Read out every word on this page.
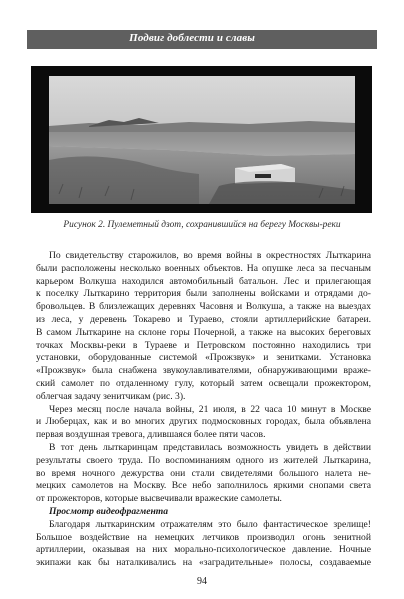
Подвиг доблести и славы
Рисунок 2. Пулеметный дзот, сохранившийся на берегу Москвы-реки
По свидетельству старожилов, во время войны в окрестностях Лыткарина
были расположены несколько военных объектов. На опушке леса за песчаным
карьером Волкуша находился автомобильный батальон. Лес и прилегающая
к поселку Лыткарино территория были заполнены войсками и отрядами до-
бровольцев. В близлежащих деревнях Часовня и Волкуша, а также на выездах
из леса, у деревень Токарево и Тураево, стояли артиллерийские батареи.
В самом Лыткарине на склоне горы Почерной, а также на высоких береговых
точках Москвы-реки в Тураеве и Петровском постоянно находились три
установки, оборудованные системой «Прожзвук» и зенитками. Установка
«Прожзвук» была снабжена звукоулавливателями, обнаруживающими враже-
ский самолет по отдаленному гулу, который затем освещали прожектором,
облегчая задачу зенитчикам (рис. 3).
Через месяц после начала войны, 21 июля, в 22 часа 10 минут в Москве
и Люберцах, как и во многих других подмосковных городах, была объявлена
первая воздушная тревога, длившаяся более пяти часов.
В тот день лыткаринцам представилась возможность увидеть в действии
результаты своего труда. По воспоминаниям одного из жителей Лыткарина,
во время ночного дежурства они стали свидетелями большого налета не-
мецких самолетов на Москву. Все небо заполнилось яркими снопами света
от прожекторов, которые высвечивали вражеские самолеты.
Просмотр видеофрагмента
Благодаря лыткаринским отражателям это было фантастическое зрелище!
Большое воздействие на немецких летчиков производил огонь зенитной
артиллерии, оказывая на них морально-психологическое давление. Ночные
экипажи как бы наталкивались на «заградительные» полосы, создаваемые
94
